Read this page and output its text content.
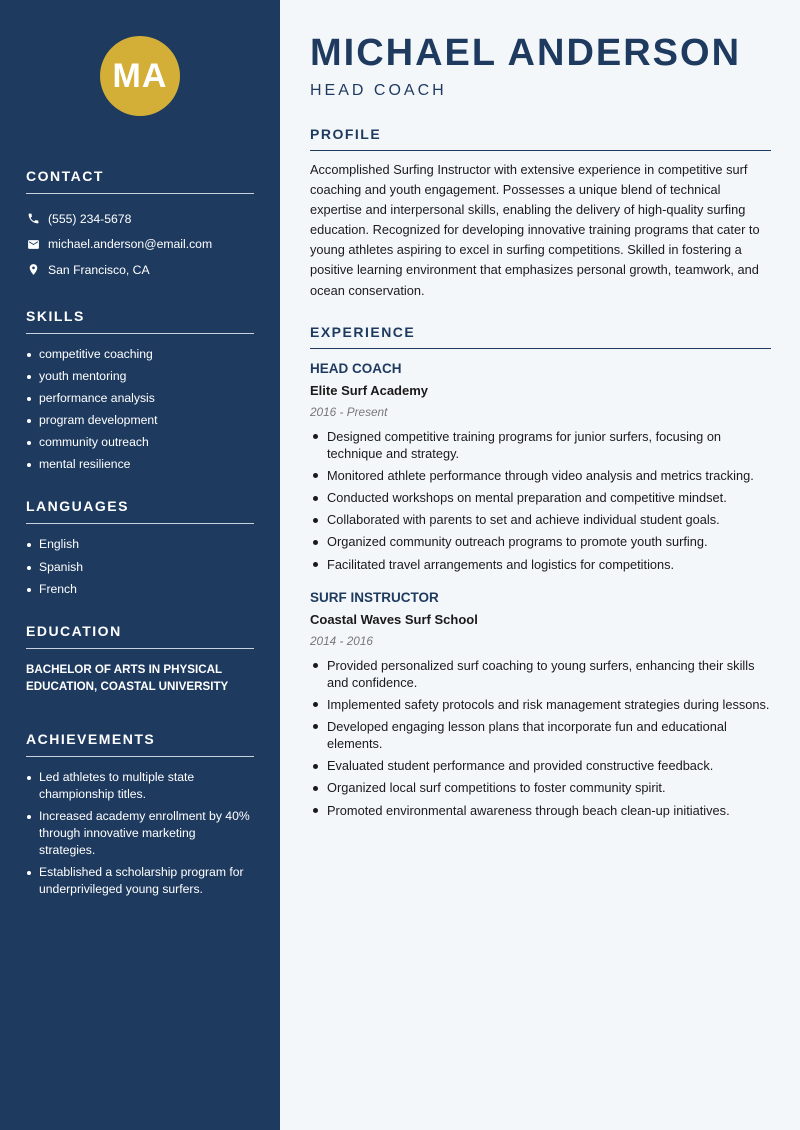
MA
CONTACT
(555) 234-5678
michael.anderson@email.com
San Francisco, CA
SKILLS
competitive coaching
youth mentoring
performance analysis
program development
community outreach
mental resilience
LANGUAGES
English
Spanish
French
EDUCATION
BACHELOR OF ARTS IN PHYSICAL EDUCATION, COASTAL UNIVERSITY
ACHIEVEMENTS
Led athletes to multiple state championship titles.
Increased academy enrollment by 40% through innovative marketing strategies.
Established a scholarship program for underprivileged young surfers.
MICHAEL ANDERSON
HEAD COACH
PROFILE

Accomplished Surfing Instructor with extensive experience in competitive surf coaching and youth engagement. Possesses a unique blend of technical expertise and interpersonal skills, enabling the delivery of high-quality surfing education. Recognized for developing innovative training programs that cater to young athletes aspiring to excel in surfing competitions. Skilled in fostering a positive learning environment that emphasizes personal growth, teamwork, and ocean conservation.

EXPERIENCE
HEAD COACH
Elite Surf Academy
2016 - Present
Designed competitive training programs for junior surfers, focusing on technique and strategy.
Monitored athlete performance through video analysis and metrics tracking.
Conducted workshops on mental preparation and competitive mindset.
Collaborated with parents to set and achieve individual student goals.
Organized community outreach programs to promote youth surfing.
Facilitated travel arrangements and logistics for competitions.
SURF INSTRUCTOR
Coastal Waves Surf School
2014 - 2016
Provided personalized surf coaching to young surfers, enhancing their skills and confidence.
Implemented safety protocols and risk management strategies during lessons.
Developed engaging lesson plans that incorporate fun and educational elements.
Evaluated student performance and provided constructive feedback.
Organized local surf competitions to foster community spirit.
Promoted environmental awareness through beach clean-up initiatives.
